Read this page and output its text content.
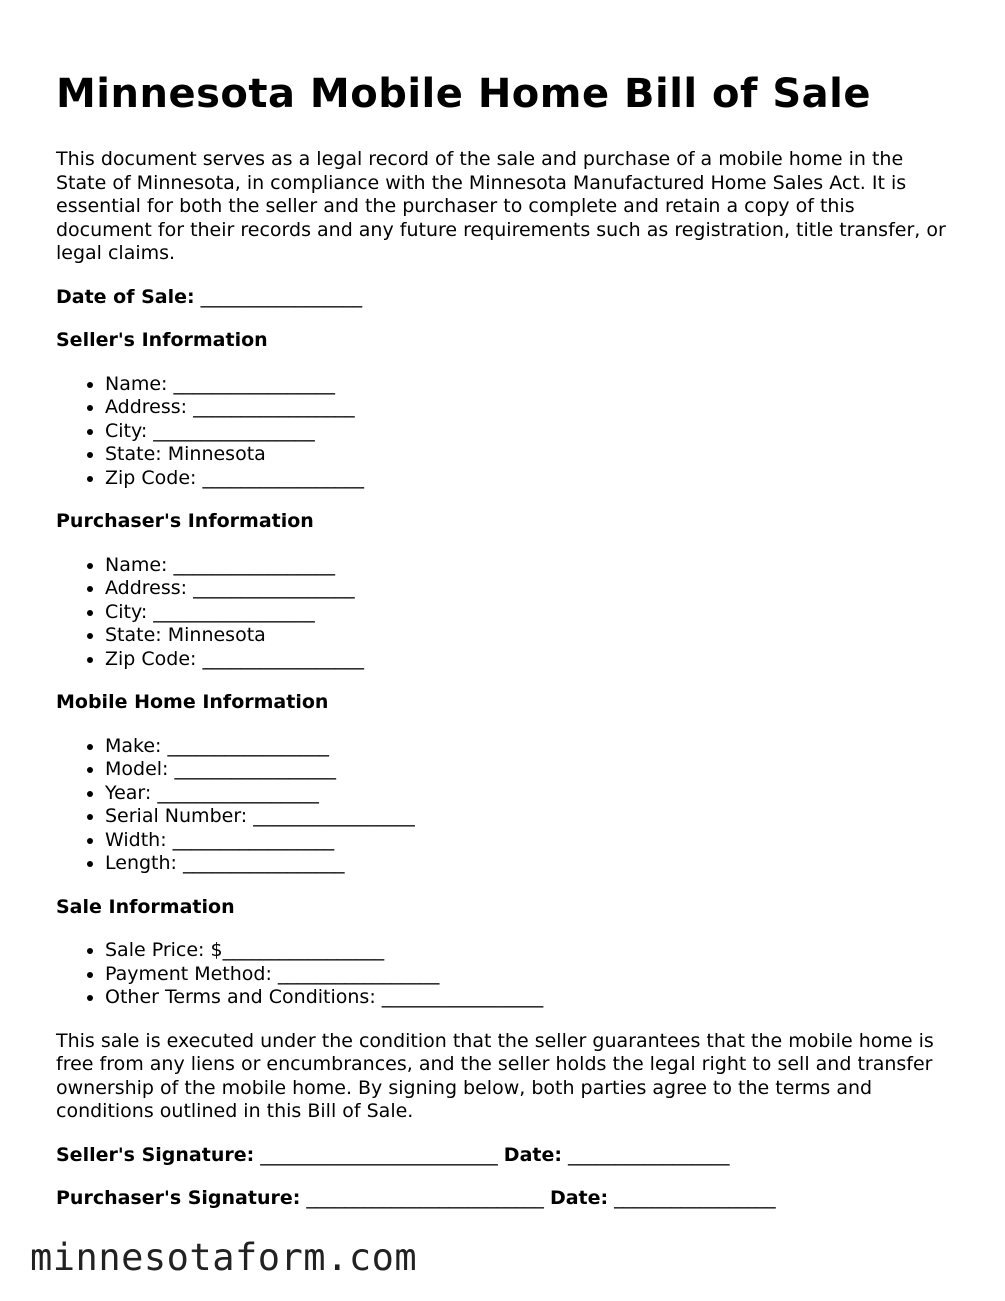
Minnesota Mobile Home Bill of Sale

This document serves as a legal record of the sale and purchase of a mobile home in the State of Minnesota, in compliance with the Minnesota Manufactured Home Sales Act. It is essential for both the seller and the purchaser to complete and retain a copy of this document for their records and any future requirements such as registration, title transfer, or legal claims.

Date of Sale: _________________
Seller's Information
• Name: _________________
• Address: _________________
• City: _________________
• State: Minnesota
• Zip Code: _________________
Purchaser's Information
• Name: _________________
• Address: _________________
• City: _________________
• State: Minnesota
• Zip Code: _________________
Mobile Home Information
• Make: _________________
• Model: _________________
• Year: _________________
• Serial Number: _________________
• Width: _________________
• Length: _________________
Sale Information
• Sale Price: $_________________
• Payment Method: _________________
• Other Terms and Conditions: _________________

This sale is executed under the condition that the seller guarantees that the mobile home is free from any liens or encumbrances, and the seller holds the legal right to sell and transfer ownership of the mobile home. By signing below, both parties agree to the terms and conditions outlined in this Bill of Sale.

Seller's Signature: _________________________ Date: _________________
Purchaser's Signature: _________________________ Date: _________________
minnesotaform.com
